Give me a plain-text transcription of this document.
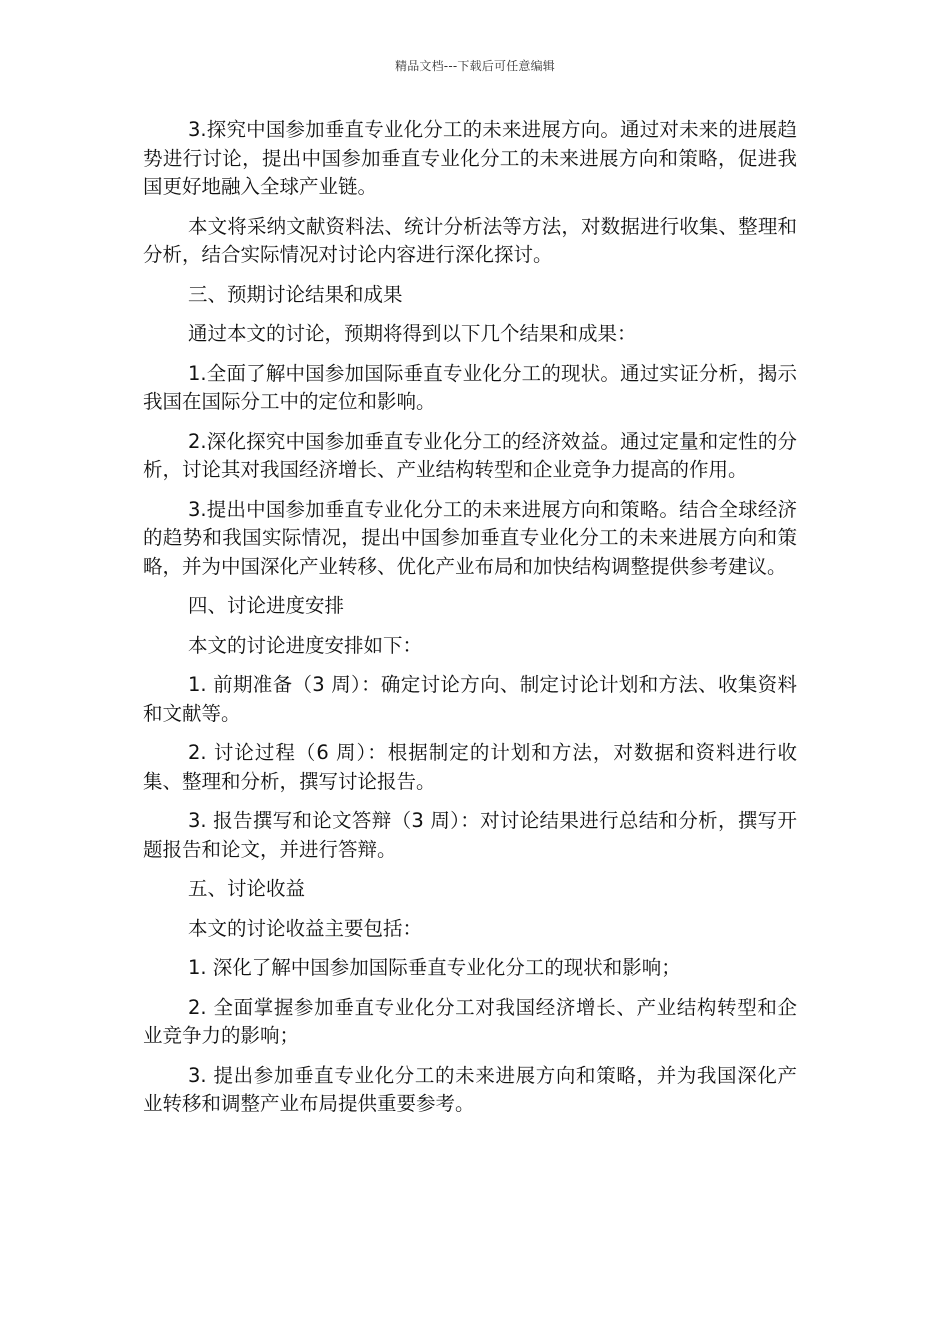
精品文档---下载后可任意编辑

3.探究中国参加垂直专业化分工的未来进展方向。通过对未来的进展趋势进行讨论，提出中国参加垂直专业化分工的未来进展方向和策略，促进我国更好地融入全球产业链。

本文将采纳文献资料法、统计分析法等方法，对数据进行收集、整理和分析，结合实际情况对讨论内容进行深化探讨。

三、预期讨论结果和成果

通过本文的讨论，预期将得到以下几个结果和成果：

1.全面了解中国参加国际垂直专业化分工的现状。通过实证分析，揭示我国在国际分工中的定位和影响。

2.深化探究中国参加垂直专业化分工的经济效益。通过定量和定性的分析，讨论其对我国经济增长、产业结构转型和企业竞争力提高的作用。

3.提出中国参加垂直专业化分工的未来进展方向和策略。结合全球经济的趋势和我国实际情况，提出中国参加垂直专业化分工的未来进展方向和策略，并为中国深化产业转移、优化产业布局和加快结构调整提供参考建议。

四、讨论进度安排

本文的讨论进度安排如下：

1. 前期准备（3 周）：确定讨论方向、制定讨论计划和方法、收集资料和文献等。

2. 讨论过程（6 周）：根据制定的计划和方法，对数据和资料进行收集、整理和分析，撰写讨论报告。

3. 报告撰写和论文答辩（3 周）：对讨论结果进行总结和分析，撰写开题报告和论文，并进行答辩。

五、讨论收益

本文的讨论收益主要包括：

1. 深化了解中国参加国际垂直专业化分工的现状和影响；

2. 全面掌握参加垂直专业化分工对我国经济增长、产业结构转型和企业竞争力的影响；

3. 提出参加垂直专业化分工的未来进展方向和策略，并为我国深化产业转移和调整产业布局提供重要参考。
